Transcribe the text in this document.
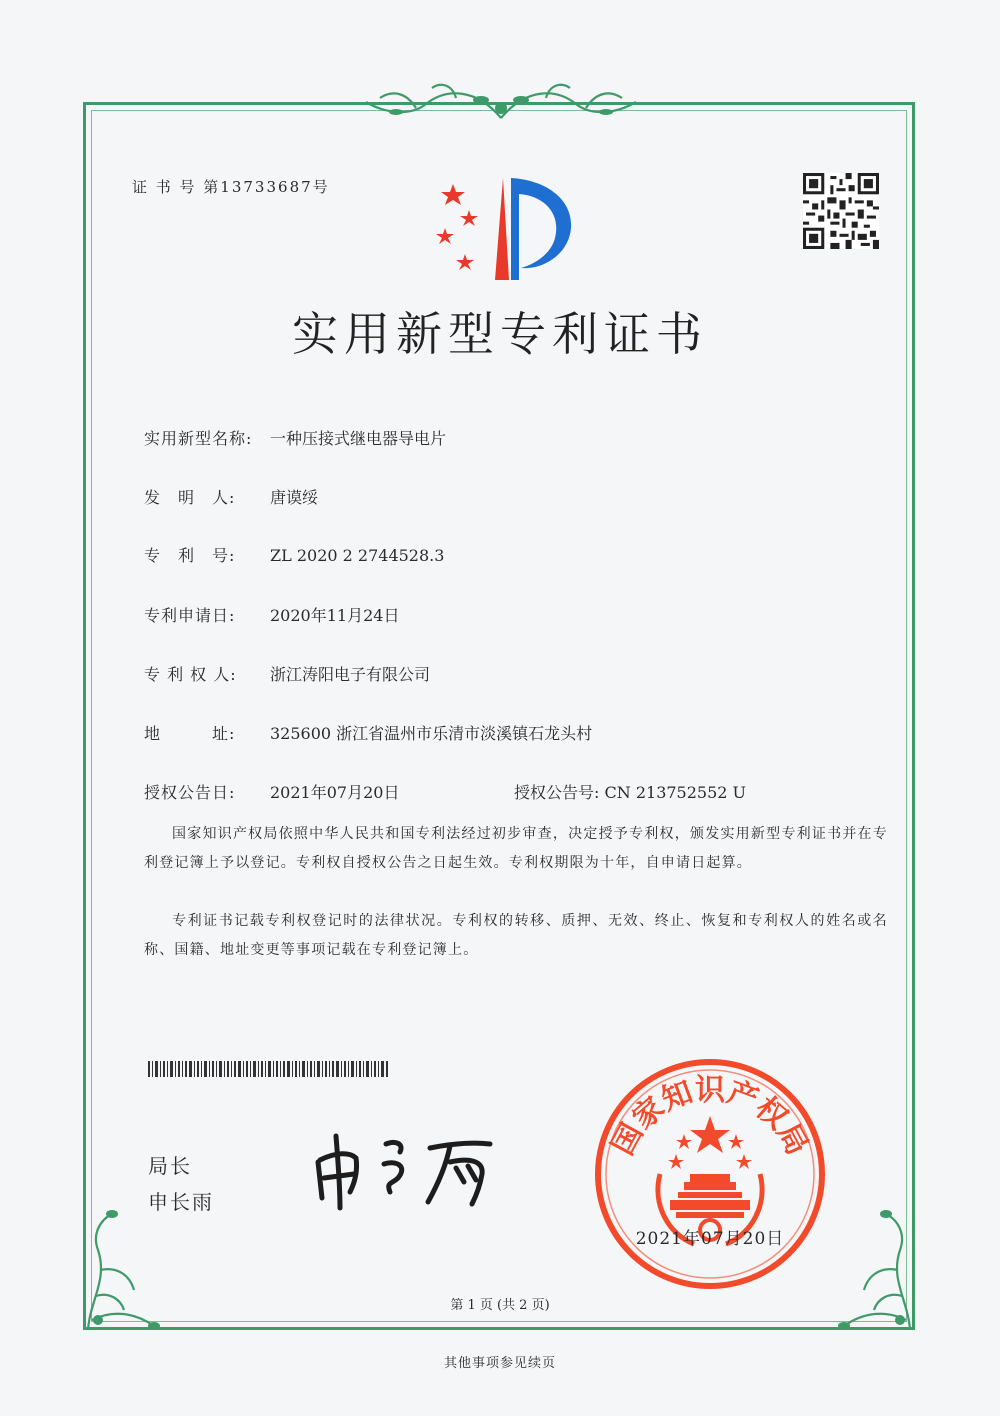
证 书 号 第13733687号
实用新型专利证书
实用新型名称: 一种压接式继电器导电片
发　明　人: 唐谟绥
专　利　号: ZL 2020 2 2744528.3
专利申请日: 2020年11月24日
专 利 权 人: 浙江涛阳电子有限公司
地　　　址: 325600 浙江省温州市乐清市淡溪镇石龙头村
授权公告日: 2021年07月20日	授权公告号: CN 213752552 U
国家知识产权局依照中华人民共和国专利法经过初步审查，决定授予专利权，颁发实用新型专利证书并在专利登记簿上予以登记。专利权自授权公告之日起生效。专利权期限为十年，自申请日起算。
专利证书记载专利权登记时的法律状况。专利权的转移、质押、无效、终止、恢复和专利权人的姓名或名称、国籍、地址变更等事项记载在专利登记簿上。
局长
申长雨
国家知识产权局
2021年07月20日
第 1 页 (共 2 页)
其他事项参见续页
